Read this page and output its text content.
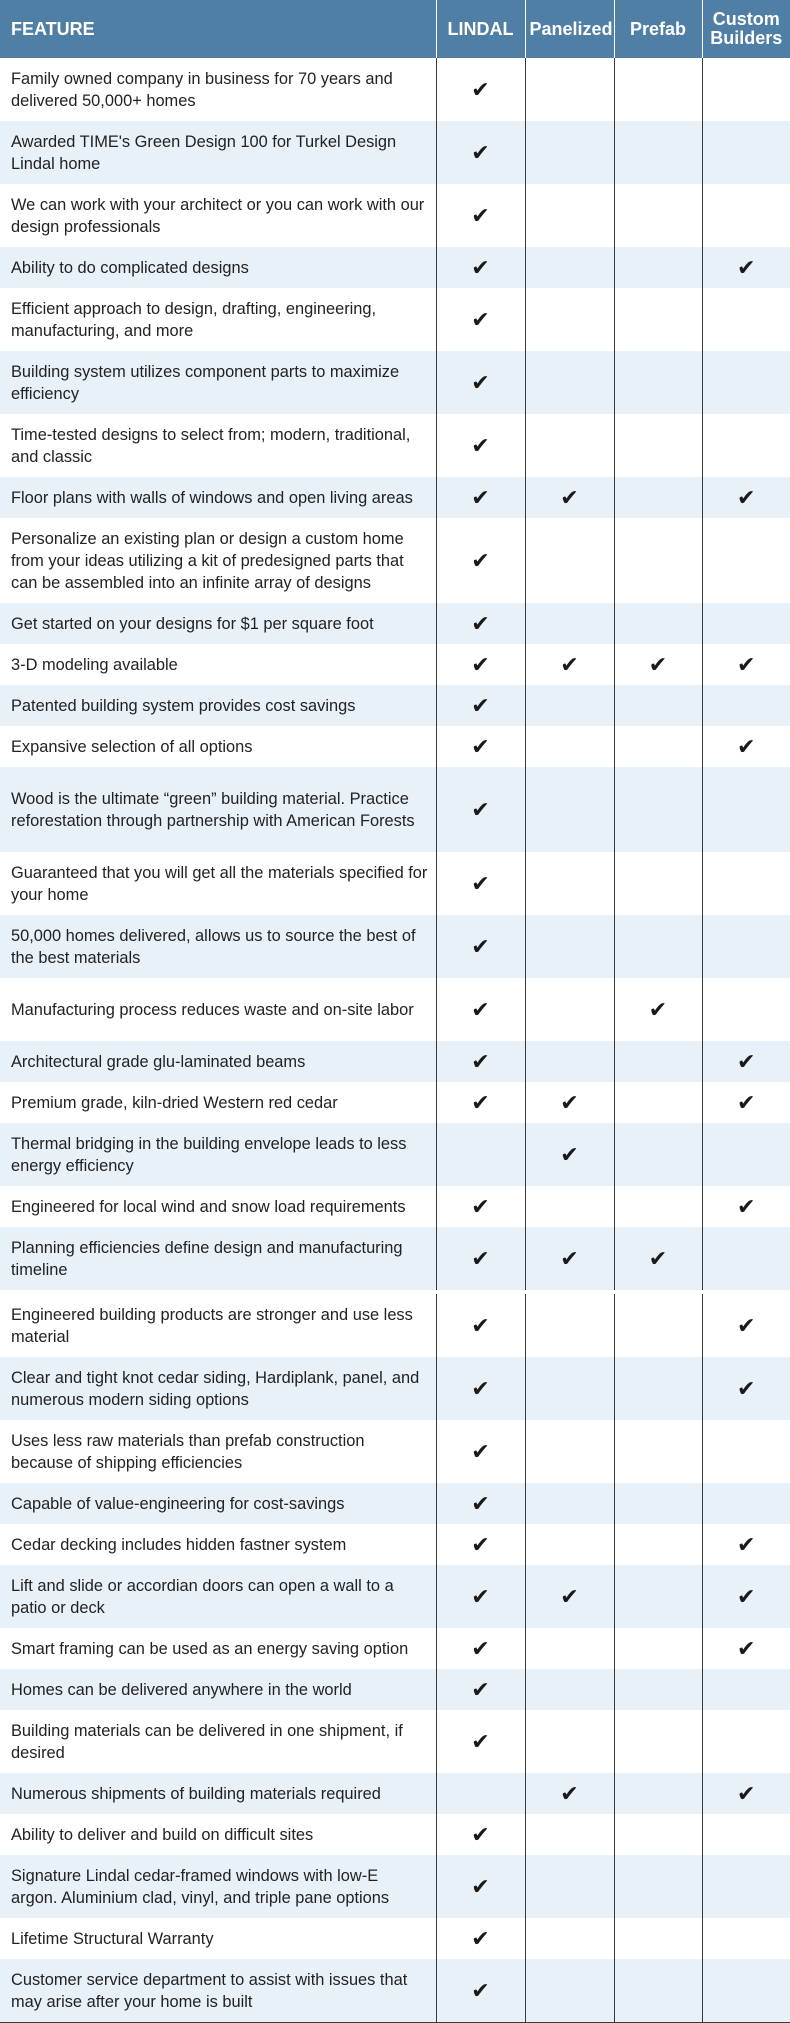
FEATURE	LINDAL	Panelized	Prefab	Custom Builders
Family owned company in business for 70 years and delivered 50,000+ homes	✔			
Awarded TIME's Green Design 100 for Turkel Design Lindal home	✔			
We can work with your architect or you can work with our design professionals	✔			
Ability to do complicated designs	✔			✔
Efficient approach to design, drafting, engineering, manufacturing, and more	✔			
Building system utilizes component parts to maximize efficiency	✔			
Time-tested designs to select from; modern, traditional, and classic	✔			
Floor plans with walls of windows and open living areas	✔	✔		✔
Personalize an existing plan or design a custom home from your ideas utilizing a kit of predesigned parts that can be assembled into an infinite array of designs	✔			
Get started on your designs for $1 per square foot	✔			
3-D modeling available	✔	✔	✔	✔
Patented building system provides cost savings	✔			
Expansive selection of all options	✔			✔
Wood is the ultimate “green” building material. Practice reforestation through partnership with American Forests	✔			
Guaranteed that you will get all the materials specified for your home	✔			
50,000 homes delivered, allows us to source the best of the best materials	✔			
Manufacturing process reduces waste and on-site labor	✔		✔	
Architectural grade glu-laminated beams	✔			✔
Premium grade, kiln-dried Western red cedar	✔	✔		✔
Thermal bridging in the building envelope leads to less energy efficiency		✔		
Engineered for local wind and snow load requirements	✔			✔
Planning efficiencies define design and manufacturing timeline	✔	✔	✔	
Engineered building products are stronger and use less material	✔			✔
Clear and tight knot cedar siding, Hardiplank, panel, and numerous modern siding options	✔			✔
Uses less raw materials than prefab construction because of shipping efficiencies	✔			
Capable of value-engineering for cost-savings	✔			
Cedar decking includes hidden fastner system	✔			✔
Lift and slide or accordian doors can open a wall to a patio or deck	✔	✔		✔
Smart framing can be used as an energy saving option	✔			✔
Homes can be delivered anywhere in the world	✔			
Building materials can be delivered in one shipment, if desired	✔			
Numerous shipments of building materials required		✔		✔
Ability to deliver and build on difficult sites	✔			
Signature Lindal cedar-framed windows with low-E argon. Aluminium clad, vinyl, and triple pane options	✔			
Lifetime Structural Warranty	✔			
Customer service department to assist with issues that may arise after your home is built	✔			
